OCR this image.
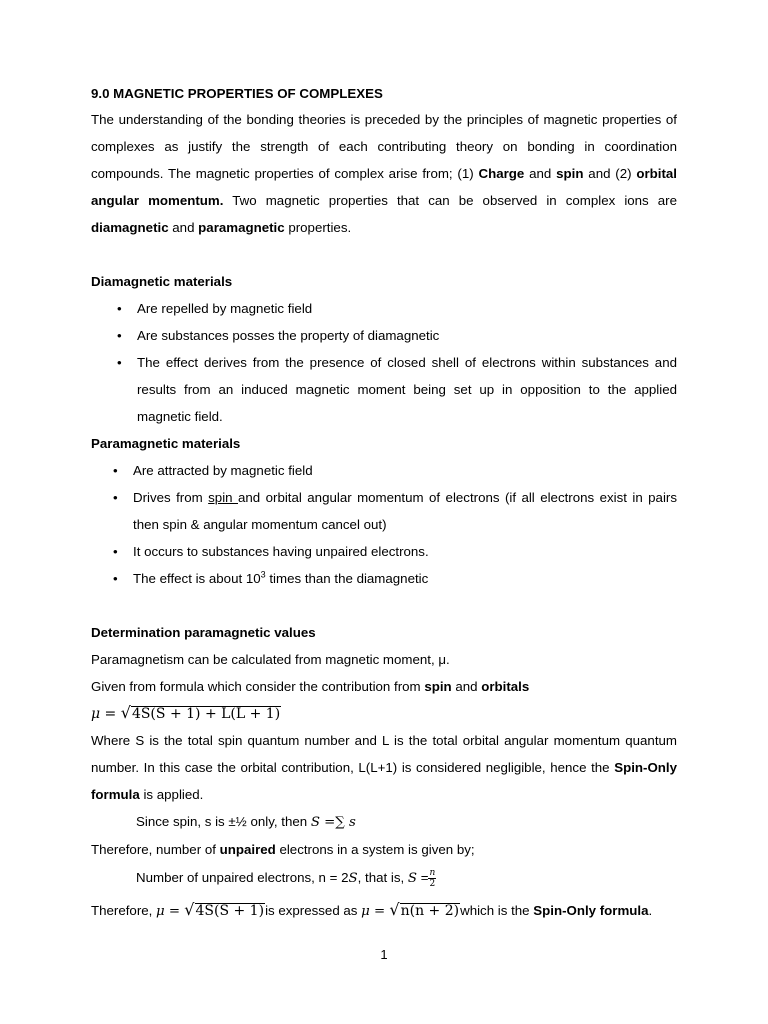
9.0 MAGNETIC PROPERTIES OF COMPLEXES

The understanding of the bonding theories is preceded by the principles of magnetic properties of complexes as justify the strength of each contributing theory on bonding in coordination compounds. The magnetic properties of complex arise from; (1) Charge and spin and (2) orbital angular momentum. Two magnetic properties that can be observed in complex ions are diamagnetic and paramagnetic properties.

Diamagnetic materials

• Are repelled by magnetic field
• Are substances posses the property of diamagnetic
• The effect derives from the presence of closed shell of electrons within substances and results from an induced magnetic moment being set up in opposition to the applied magnetic field.

Paramagnetic materials

• Are attracted by magnetic field
• Drives from spin and orbital angular momentum of electrons (if all electrons exist in pairs then spin & angular momentum cancel out)
• It occurs to substances having unpaired electrons.
• The effect is about $10^3$ times than the diamagnetic

Determination paramagnetic values

Paramagnetism can be calculated from magnetic moment, μ.

Given from formula which consider the contribution from spin and orbitals

μ = √4S(S + 1) + L(L + 1)

Where S is the total spin quantum number and L is the total orbital angular momentum quantum number. In this case the orbital contribution, L(L+1) is considered negligible, hence the Spin-Only formula is applied.

Since spin, s is ±½ only, then S =∑ s

Therefore, number of unpaired electrons in a system is given by;

Number of unpaired electrons, n = 2S, that is, $S = \frac{n}{2}$

Therefore, μ = √4S(S + 1)is expressed as μ = √n(n + 2)which is the Spin-Only formula.

1
